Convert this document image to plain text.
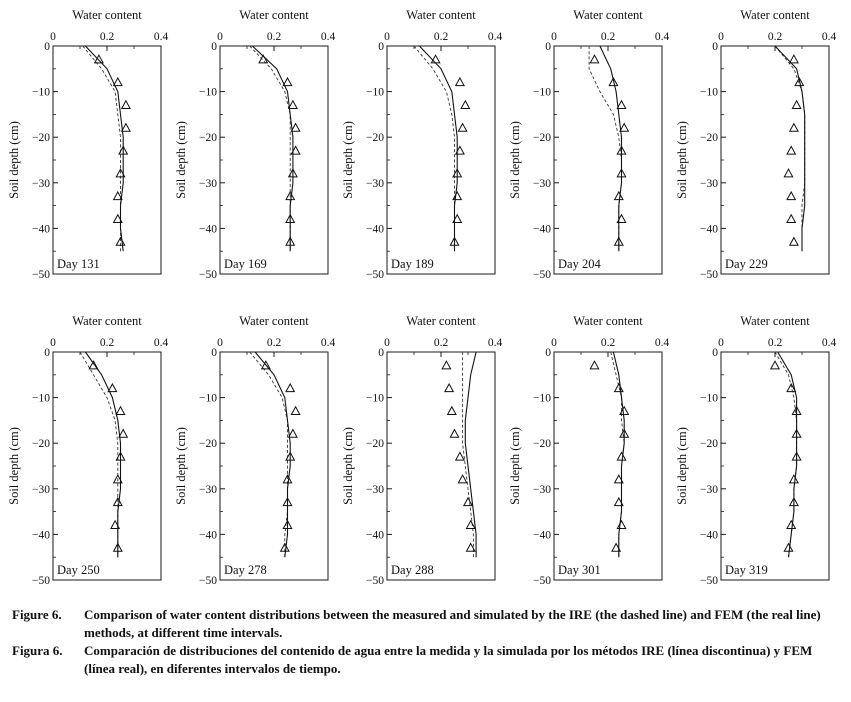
Water content
Soil depth (cm)
0	0.2	0.4
0
−10
−20
−30
−40
−50
Day 131
Water content
Soil depth (cm)
0	0.2	0.4
0
−10
−20
−30
−40
−50
Day 169
Water content
Soil depth (cm)
0	0.2	0.4
0
−10
−20
−30
−40
−50
Day 189
Water content
Soil depth (cm)
0	0.2	0.4
0
−10
−20
−30
−40
−50
Day 204
Water content
Soil depth (cm)
0	0.2	0.4
0
−10
−20
−30
−40
−50
Day 229
Water content
Soil depth (cm)
0	0.2	0.4
0
−10
−20
−30
−40
−50
Day 250
Water content
Soil depth (cm)
0	0.2	0.4
0
−10
−20
−30
−40
−50
Day 278
Water content
Soil depth (cm)
0	0.2	0.4
0
−10
−20
−30
−40
−50
Day 288
Water content
Soil depth (cm)
0	0.2	0.4
0
−10
−20
−30
−40
−50
Day 301
Water content
Soil depth (cm)
0	0.2	0.4
0
−10
−20
−30
−40
−50
Day 319
Figure 6.	Comparison of water content distributions between the measured and simulated by the IRE (the dashed line) and FEM (the real line) methods, at different time intervals.
Figura 6.	Comparación de distribuciones del contenido de agua entre la medida y la simulada por los métodos IRE (línea discontinua) y FEM (línea real), en diferentes intervalos de tiempo.
